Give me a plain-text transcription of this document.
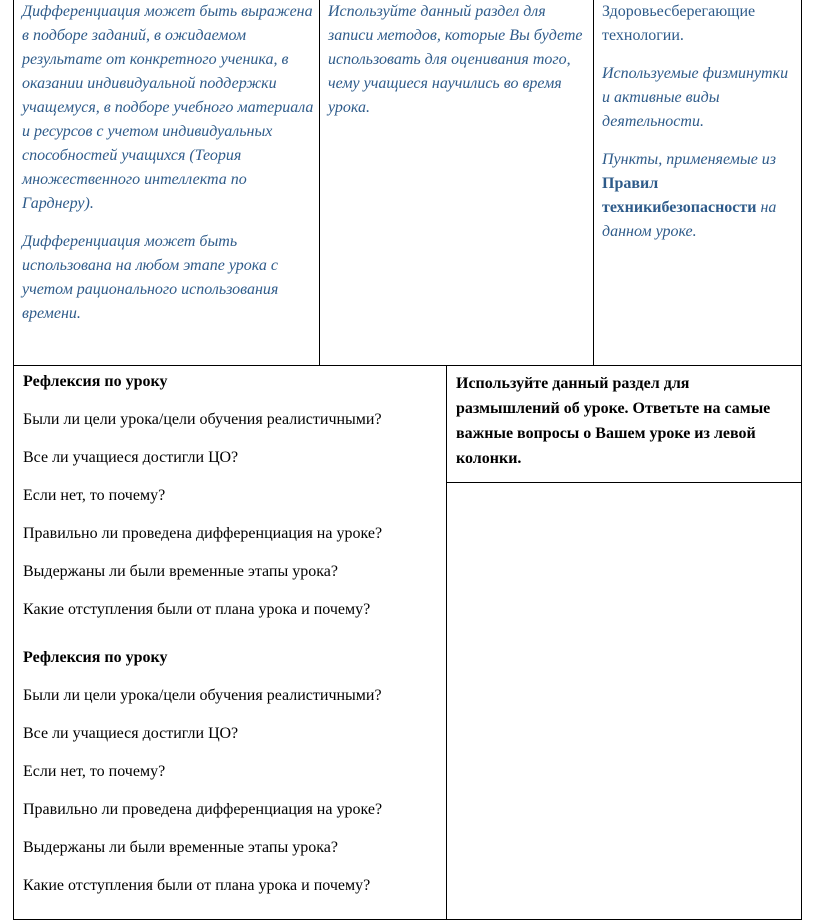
Дифференциация может быть выражена в подборе заданий, в ожидаемом результате от конкретного ученика, в оказании индивидуальной поддержки учащемуся, в подборе учебного материала и ресурсов с учетом индивидуальных способностей учащихся (Теория множественного интеллекта по Гарднеру).

Дифференциация может быть использована на любом этапе урока с учетом рационального использования времени.

Используйте данный раздел для записи методов, которые Вы будете использовать для оценивания того, чему учащиеся научились во время урока.

Здоровьесберегающие технологии.

Используемые физминутки и активные виды деятельности.

Пункты, применяемые из Правил техникибезопасности на данном уроке.

Рефлексия по уроку
Были ли цели урока/цели обучения реалистичными?
Все ли учащиеся достигли ЦО?
Если нет, то почему?
Правильно ли проведена дифференциация на уроке?
Выдержаны ли были временные этапы урока?
Какие отступления были от плана урока и почему?
Рефлексия по уроку
Были ли цели урока/цели обучения реалистичными?
Все ли учащиеся достигли ЦО?
Если нет, то почему?
Правильно ли проведена дифференциация на уроке?
Выдержаны ли были временные этапы урока?
Какие отступления были от плана урока и почему?
Используйте данный раздел для размышлений об уроке. Ответьте на самые важные вопросы о Вашем уроке из левой колонки.
